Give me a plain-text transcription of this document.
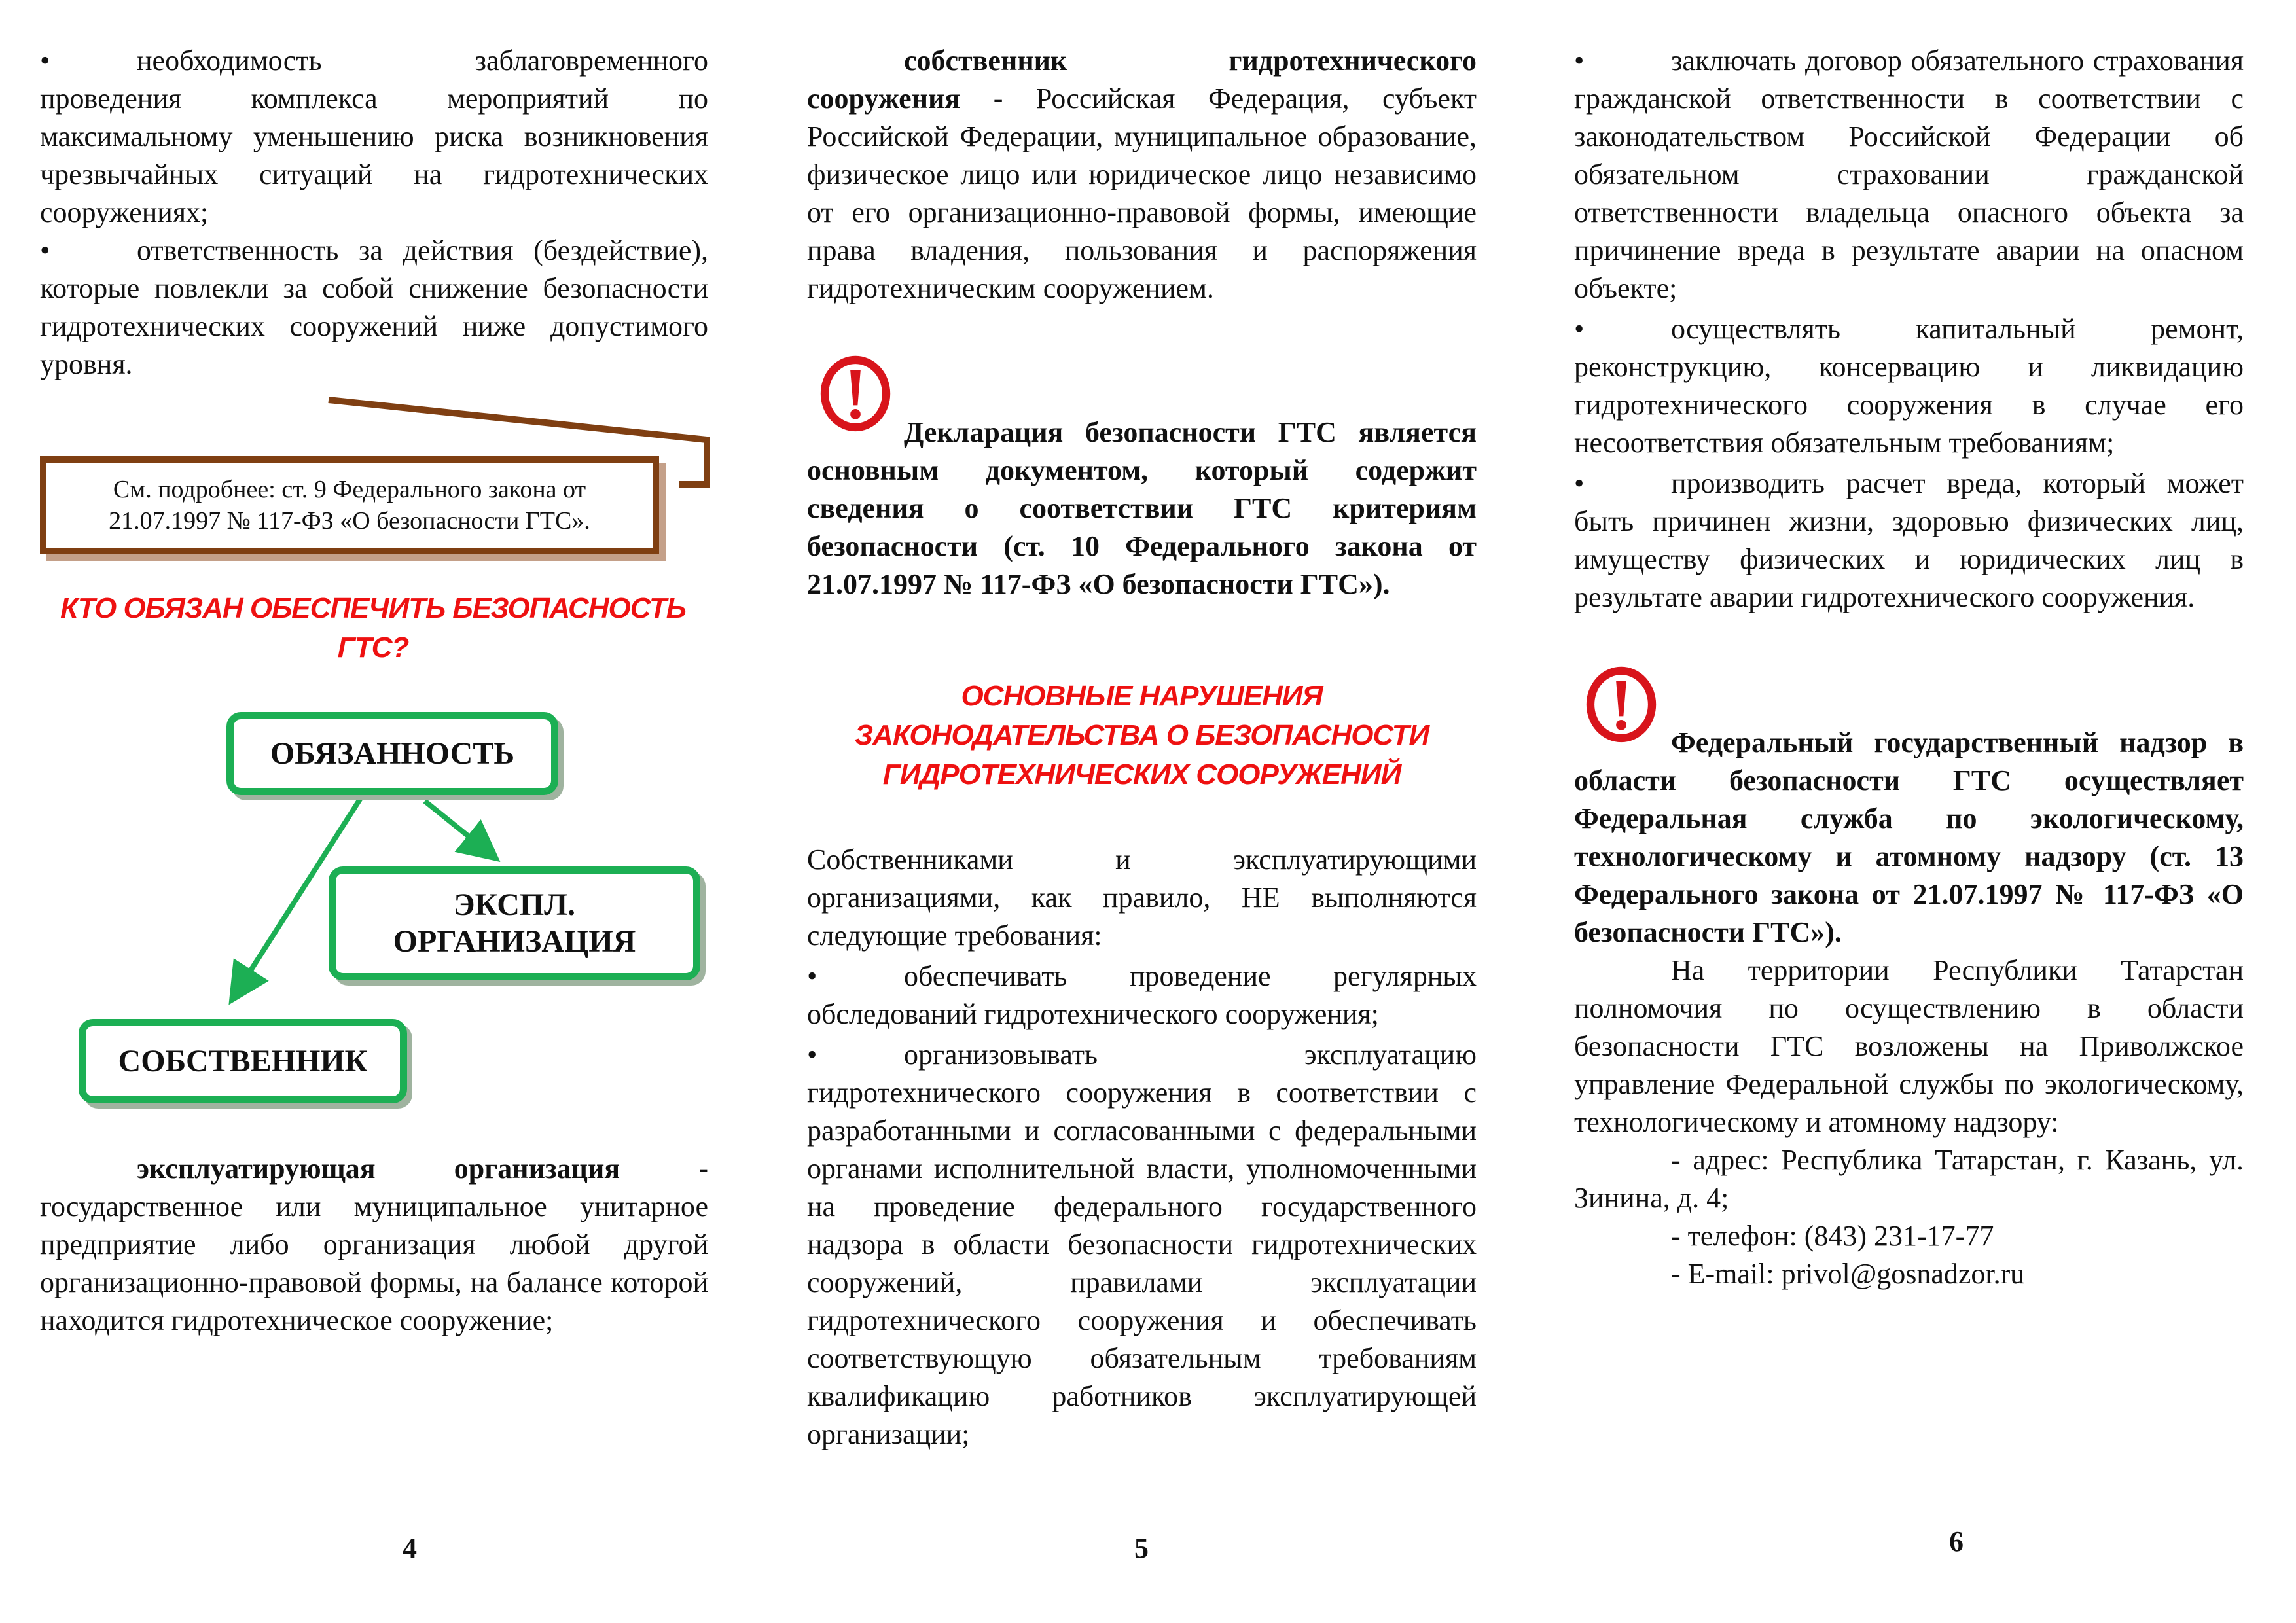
•	необходимость заблаговременного проведения комплекса мероприятий по максимальному уменьшению риска возникновения чрезвычайных ситуаций на гидротехнических сооружениях;

•	ответственность за действия (бездействие), которые повлекли за собой снижение безопасности гидротехнических сооружений ниже допустимого уровня.

См. подробнее: ст. 9 Федерального закона от 21.07.1997 № 117-ФЗ «О безопасности ГТС».
КТО ОБЯЗАН ОБЕСПЕЧИТЬ БЕЗОПАСНОСТЬ ГТС?
ОБЯЗАННОСТЬ
ЭКСПЛ. ОРГАНИЗАЦИЯ
СОБСТВЕННИК

эксплуатирующая организация - государственное или муниципальное унитарное предприятие либо организация любой другой организационно-правовой формы, на балансе которой находится гидротехническое сооружение;

4

собственник гидротехнического сооружения - Российская Федерация, субъект Российской Федерации, муниципальное образование, физическое лицо или юридическое лицо независимо от его организационно-правовой формы, имеющие права владения, пользования и распоряжения гидротехническим сооружением.

Декларация безопасности ГТС является основным документом, который содержит сведения о соответствии ГТС критериям безопасности (ст. 10 Федерального закона от 21.07.1997 № 117-ФЗ «О безопасности ГТС»).

ОСНОВНЫЕ НАРУШЕНИЯ ЗАКОНОДАТЕЛЬСТВА О БЕЗОПАСНОСТИ ГИДРОТЕХНИЧЕСКИХ СООРУЖЕНИЙ

Собственниками и эксплуатирующими организациями, как правило, НЕ выполняются следующие требования:

•	обеспечивать проведение регулярных обследований гидротехнического сооружения;

•	организовывать эксплуатацию гидротехнического сооружения в соответствии с разработанными и согласованными с федеральными органами исполнительной власти, уполномоченными на проведение федерального государственного надзора в области безопасности гидротехнических сооружений, правилами эксплуатации гидротехнического сооружения и обеспечивать соответствующую обязательным требованиям квалификацию работников эксплуатирующей организации;

5

•	заключать договор обязательного страхования гражданской ответственности в соответствии с законодательством Российской Федерации об обязательном страховании гражданской ответственности владельца опасного объекта за причинение вреда в результате аварии на опасном объекте;

•	осуществлять капитальный ремонт, реконструкцию, консервацию и ликвидацию гидротехнического сооружения в случае его несоответствия обязательным требованиям;

•	производить расчет вреда, который может быть причинен жизни, здоровью физических лиц, имуществу физических и юридических лиц в результате аварии гидротехнического сооружения.

Федеральный государственный надзор в области безопасности ГТС осуществляет Федеральная служба по экологическому, технологическому и атомному надзору (ст. 13 Федерального закона от 21.07.1997 № 117-ФЗ «О безопасности ГТС»).

На территории Республики Татарстан полномочия по осуществлению в области безопасности ГТС возложены на Приволжское управление Федеральной службы по экологическому, технологическому и атомному надзору:

- адрес: Республика Татарстан, г. Казань, ул. Зинина, д. 4;

- телефон: (843) 231-17-77

- E-mail: privol@gosnadzor.ru

6
